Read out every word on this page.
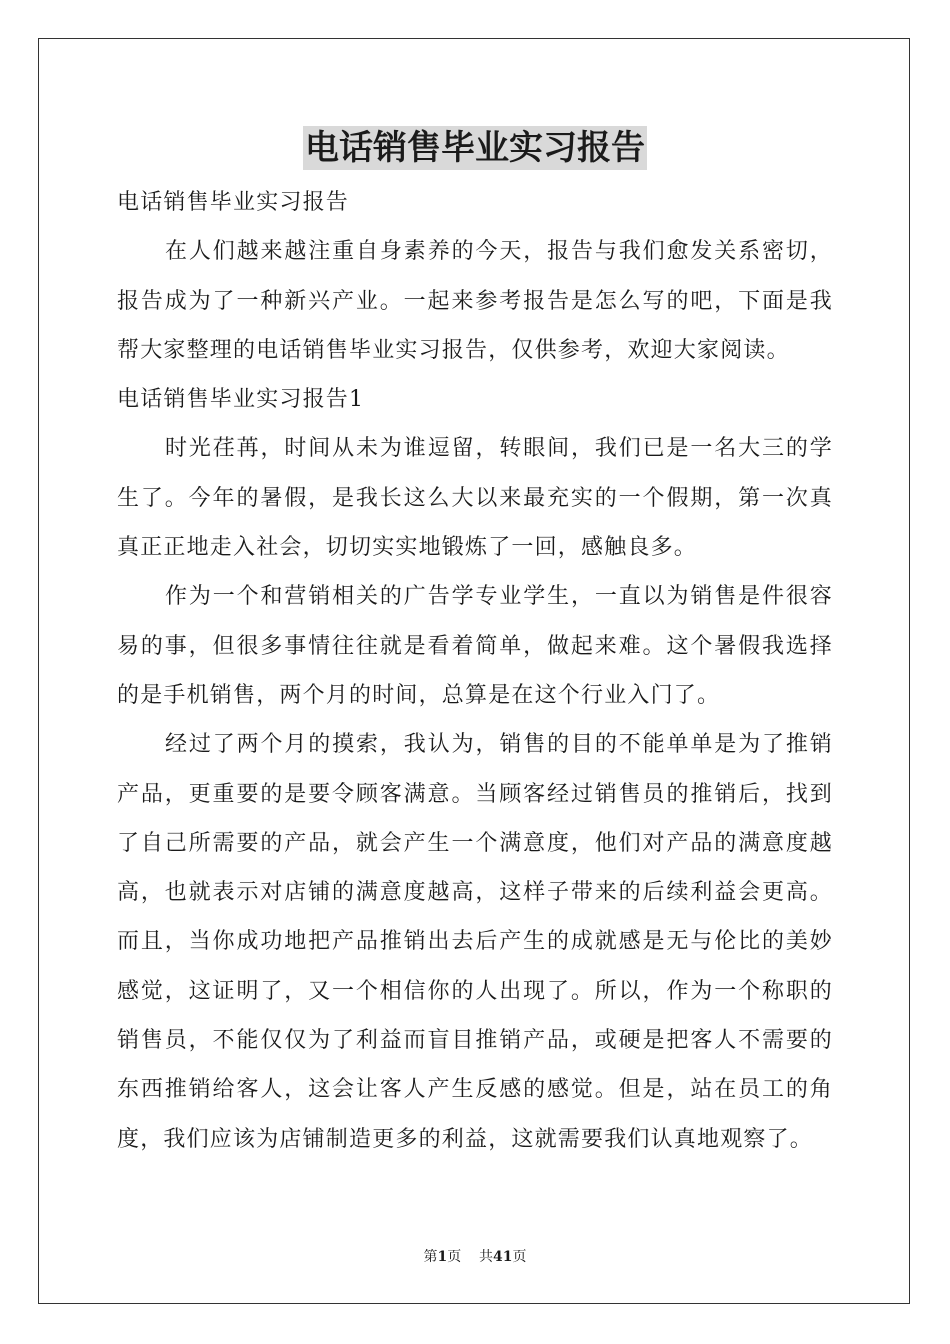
电话销售毕业实习报告

电话销售毕业实习报告

在人们越来越注重自身素养的今天，报告与我们愈发关系密切，报告成为了一种新兴产业。一起来参考报告是怎么写的吧，下面是我帮大家整理的电话销售毕业实习报告，仅供参考，欢迎大家阅读。

电话销售毕业实习报告1

时光荏苒，时间从未为谁逗留，转眼间，我们已是一名大三的学生了。今年的暑假，是我长这么大以来最充实的一个假期，第一次真真正正地走入社会，切切实实地锻炼了一回，感触良多。

作为一个和营销相关的广告学专业学生，一直以为销售是件很容易的事，但很多事情往往就是看着简单，做起来难。这个暑假我选择的是手机销售，两个月的时间，总算是在这个行业入门了。

经过了两个月的摸索，我认为，销售的目的不能单单是为了推销产品，更重要的是要令顾客满意。当顾客经过销售员的推销后，找到了自己所需要的产品，就会产生一个满意度，他们对产品的满意度越高，也就表示对店铺的满意度越高，这样子带来的后续利益会更高。而且，当你成功地把产品推销出去后产生的成就感是无与伦比的美妙感觉，这证明了，又一个相信你的人出现了。所以，作为一个称职的销售员，不能仅仅为了利益而盲目推销产品，或硬是把客人不需要的东西推销给客人，这会让客人产生反感的感觉。但是，站在员工的角度，我们应该为店铺制造更多的利益，这就需要我们认真地观察了。

第1页 共41页
